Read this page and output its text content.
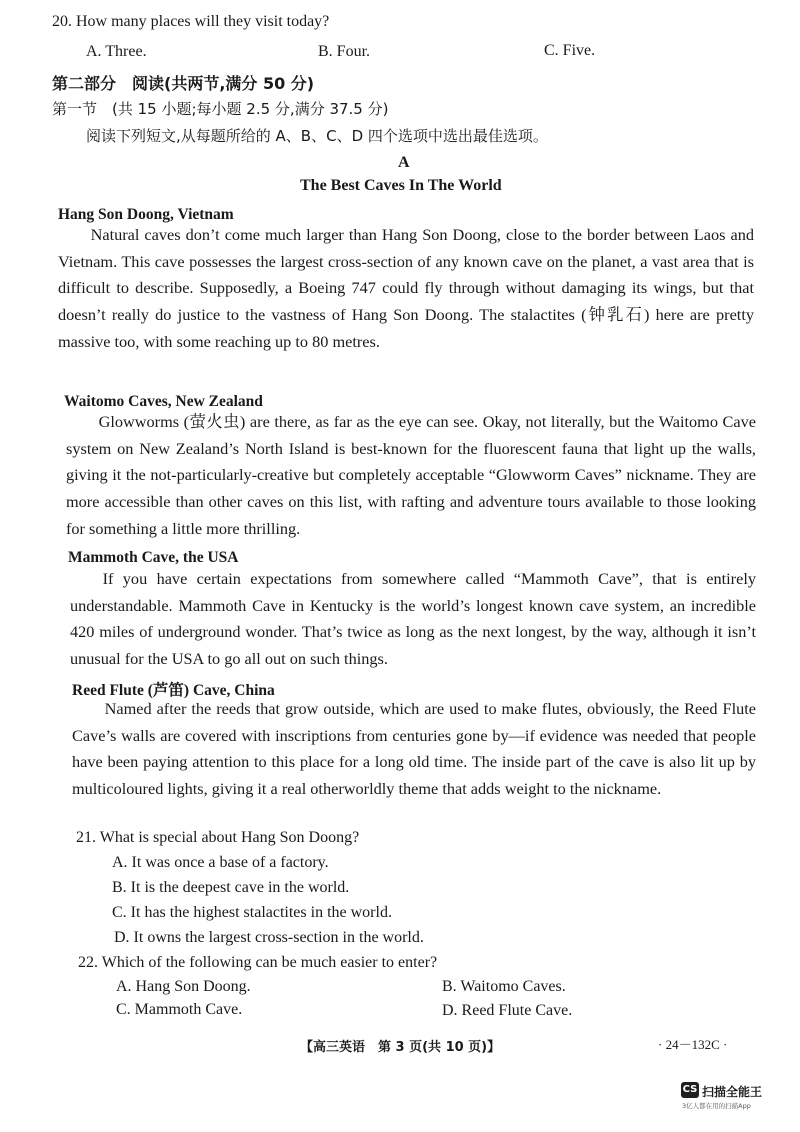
20. How many places will they visit today?
A. Three.	B. Four.	C. Five.
第二部分　阅读(共两节,满分 50 分)
第一节　(共 15 小题;每小题 2.5 分,满分 37.5 分)
阅读下列短文,从每题所给的 A、B、C、D 四个选项中选出最佳选项。
A
The Best Caves In The World
Hang Son Doong, Vietnam

Natural caves don’t come much larger than Hang Son Doong, close to the border between Laos and Vietnam. This cave possesses the largest cross-section of any known cave on the planet, a vast area that is difficult to describe. Supposedly, a Boeing 747 could fly through without damaging its wings, but that doesn’t really do justice to the vastness of Hang Son Doong. The stalactites (钟乳石) here are pretty massive too, with some reaching up to 80 metres.

Waitomo Caves, New Zealand

Glowworms (萤火虫) are there, as far as the eye can see. Okay, not literally, but the Waitomo Cave system on New Zealand’s North Island is best-known for the fluorescent fauna that light up the walls, giving it the not-particularly-creative but completely acceptable “Glowworm Caves” nickname. They are more accessible than other caves on this list, with rafting and adventure tours available to those looking for something a little more thrilling.

Mammoth Cave, the USA

If you have certain expectations from somewhere called “Mammoth Cave”, that is entirely understandable. Mammoth Cave in Kentucky is the world’s longest known cave system, an incredible 420 miles of underground wonder. That’s twice as long as the next longest, by the way, although it isn’t unusual for the USA to go all out on such things.

Reed Flute (芦笛) Cave, China

Named after the reeds that grow outside, which are used to make flutes, obviously, the Reed Flute Cave’s walls are covered with inscriptions from centuries gone by—if evidence was needed that people have been paying attention to this place for a long old time. The inside part of the cave is also lit up by multicoloured lights, giving it a real otherworldly theme that adds weight to the nickname.

21. What is special about Hang Son Doong?
A. It was once a base of a factory.
B. It is the deepest cave in the world.
C. It has the highest stalactites in the world.
D. It owns the largest cross-section in the world.
22. Which of the following can be much easier to enter?
A. Hang Son Doong.	B. Waitomo Caves.
C. Mammoth Cave.	D. Reed Flute Cave.
【高三英语　第 3 页(共 10 页)】	· 24－132C ·
CS 扫描全能王
3亿人都在用的扫描App
